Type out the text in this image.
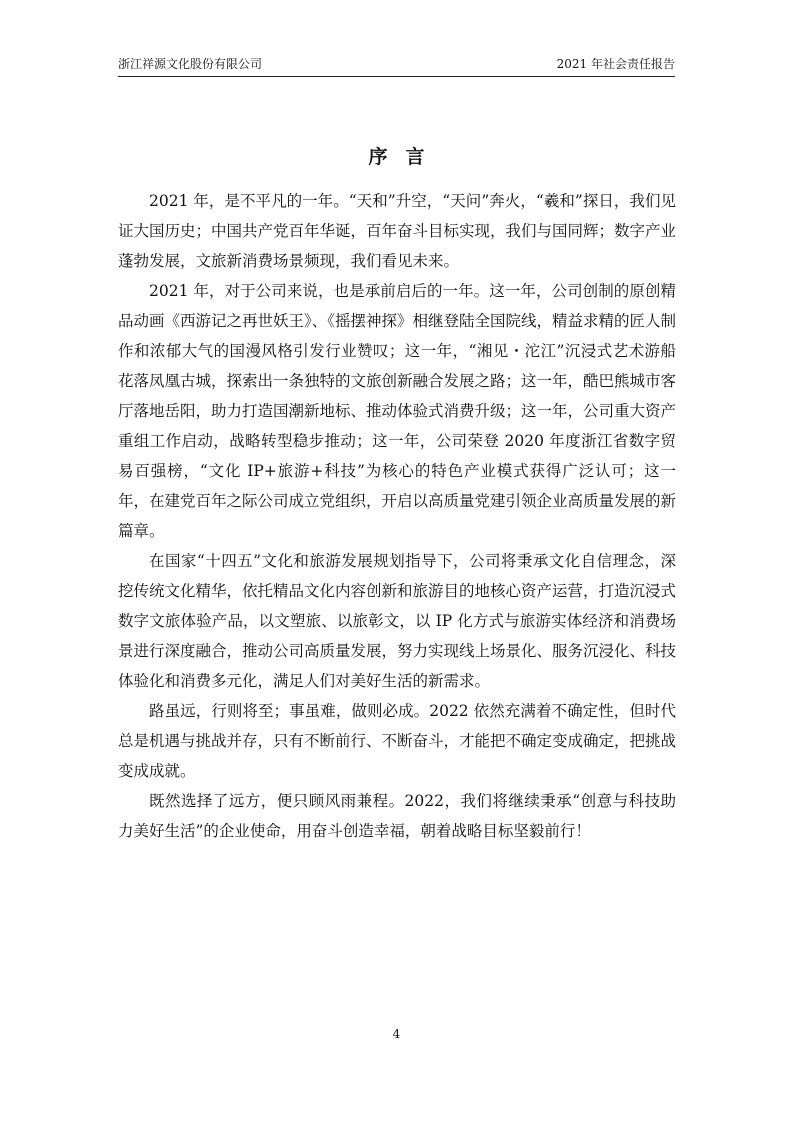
浙江祥源文化股份有限公司	2021 年社会责任报告
序言

2021 年，是不平凡的一年。“天和”升空，“天问”奔火，“羲和”探日，我们见证大国历史；中国共产党百年华诞，百年奋斗目标实现，我们与国同辉；数字产业蓬勃发展，文旅新消费场景频现，我们看见未来。

2021 年，对于公司来说，也是承前启后的一年。这一年，公司创制的原创精品动画《西游记之再世妖王》、《摇摆神探》相继登陆全国院线，精益求精的匠人制作和浓郁大气的国漫风格引发行业赞叹；这一年，“湘见・沱江”沉浸式艺术游船花落凤凰古城，探索出一条独特的文旅创新融合发展之路；这一年，酷巴熊城市客厅落地岳阳，助力打造国潮新地标、推动体验式消费升级；这一年，公司重大资产重组工作启动，战略转型稳步推动；这一年，公司荣登 2020 年度浙江省数字贸易百强榜，“文化 IP+旅游+科技”为核心的特色产业模式获得广泛认可；这一年，在建党百年之际公司成立党组织，开启以高质量党建引领企业高质量发展的新篇章。

在国家“十四五”文化和旅游发展规划指导下，公司将秉承文化自信理念，深挖传统文化精华，依托精品文化内容创新和旅游目的地核心资产运营，打造沉浸式数字文旅体验产品，以文塑旅、以旅彰文，以 IP 化方式与旅游实体经济和消费场景进行深度融合，推动公司高质量发展，努力实现线上场景化、服务沉浸化、科技体验化和消费多元化，满足人们对美好生活的新需求。

路虽远，行则将至；事虽难，做则必成。2022 依然充满着不确定性，但时代总是机遇与挑战并存，只有不断前行、不断奋斗，才能把不确定变成确定，把挑战变成成就。

既然选择了远方，便只顾风雨兼程。2022，我们将继续秉承“创意与科技助力美好生活”的企业使命，用奋斗创造幸福，朝着战略目标坚毅前行！

4
